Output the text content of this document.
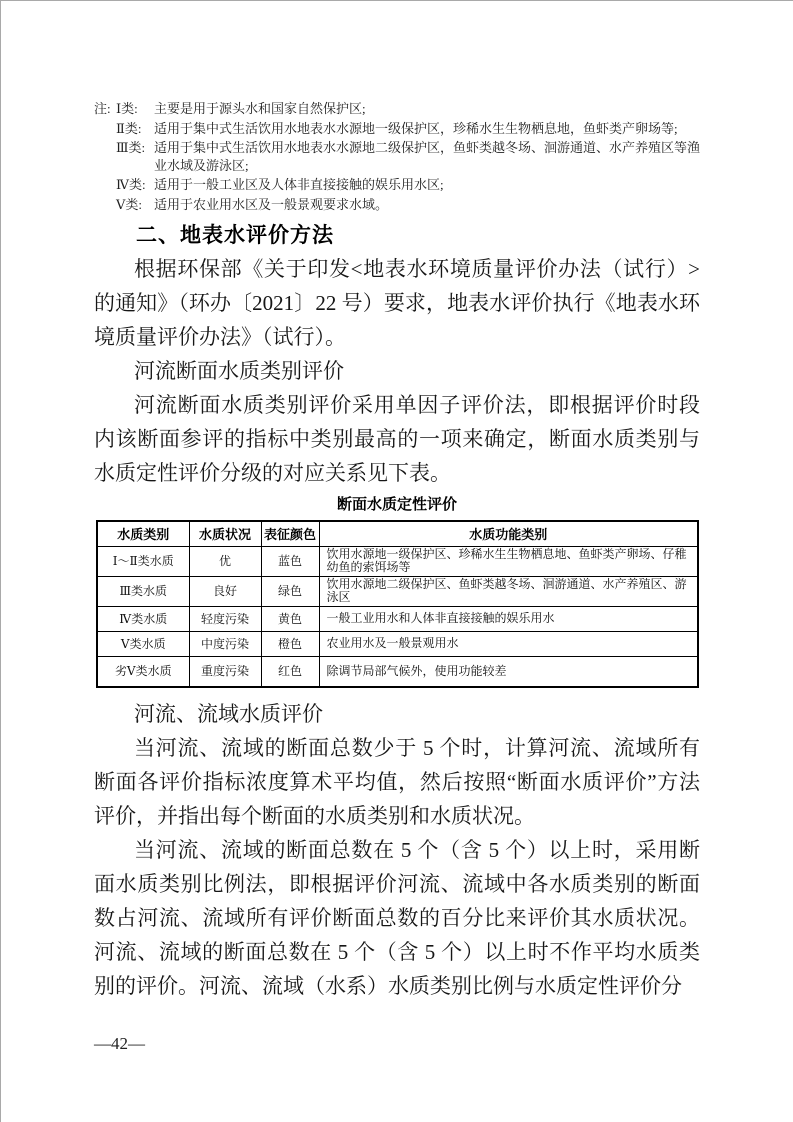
注: Ⅰ类:	主要是用于源头水和国家自然保护区;
Ⅱ类: 适用于集中式生活饮用水地表水水源地一级保护区，珍稀水生生物栖息地，鱼虾类产卵场等;
Ⅲ类: 适用于集中式生活饮用水地表水水源地二级保护区，鱼虾类越冬场、洄游通道、水产养殖区等渔业水域及游泳区;
Ⅳ类: 适用于一般工业区及人体非直接接触的娱乐用水区;
Ⅴ类: 适用于农业用水区及一般景观要求水域。
二、地表水评价方法

根据环保部《关于印发<地表水环境质量评价办法（试行）>的通知》（环办〔2021〕22 号）要求，地表水评价执行《地表水环境质量评价办法》（试行）。

河流断面水质类别评价

河流断面水质类别评价采用单因子评价法，即根据评价时段内该断面参评的指标中类别最高的一项来确定，断面水质类别与水质定性评价分级的对应关系见下表。

断面水质定性评价
水质类别	水质状况	表征颜色	水质功能类别
Ⅰ～Ⅱ类水质	优	蓝色	饮用水源地一级保护区、珍稀水生生物栖息地、鱼虾类产卵场、仔稚幼鱼的索饵场等
Ⅲ类水质	良好	绿色	饮用水源地二级保护区、鱼虾类越冬场、洄游通道、水产养殖区、游泳区
Ⅳ类水质	轻度污染	黄色	一般工业用水和人体非直接接触的娱乐用水
Ⅴ类水质	中度污染	橙色	农业用水及一般景观用水
劣Ⅴ类水质	重度污染	红色	除调节局部气候外，使用功能较差

河流、流域水质评价

当河流、流域的断面总数少于 5 个时，计算河流、流域所有断面各评价指标浓度算术平均值，然后按照“断面水质评价”方法评价，并指出每个断面的水质类别和水质状况。

当河流、流域的断面总数在 5 个（含 5 个）以上时，采用断面水质类别比例法，即根据评价河流、流域中各水质类别的断面数占河流、流域所有评价断面总数的百分比来评价其水质状况。河流、流域的断面总数在 5 个（含 5 个）以上时不作平均水质类别的评价。河流、流域（水系）水质类别比例与水质定性评价分

—42—
